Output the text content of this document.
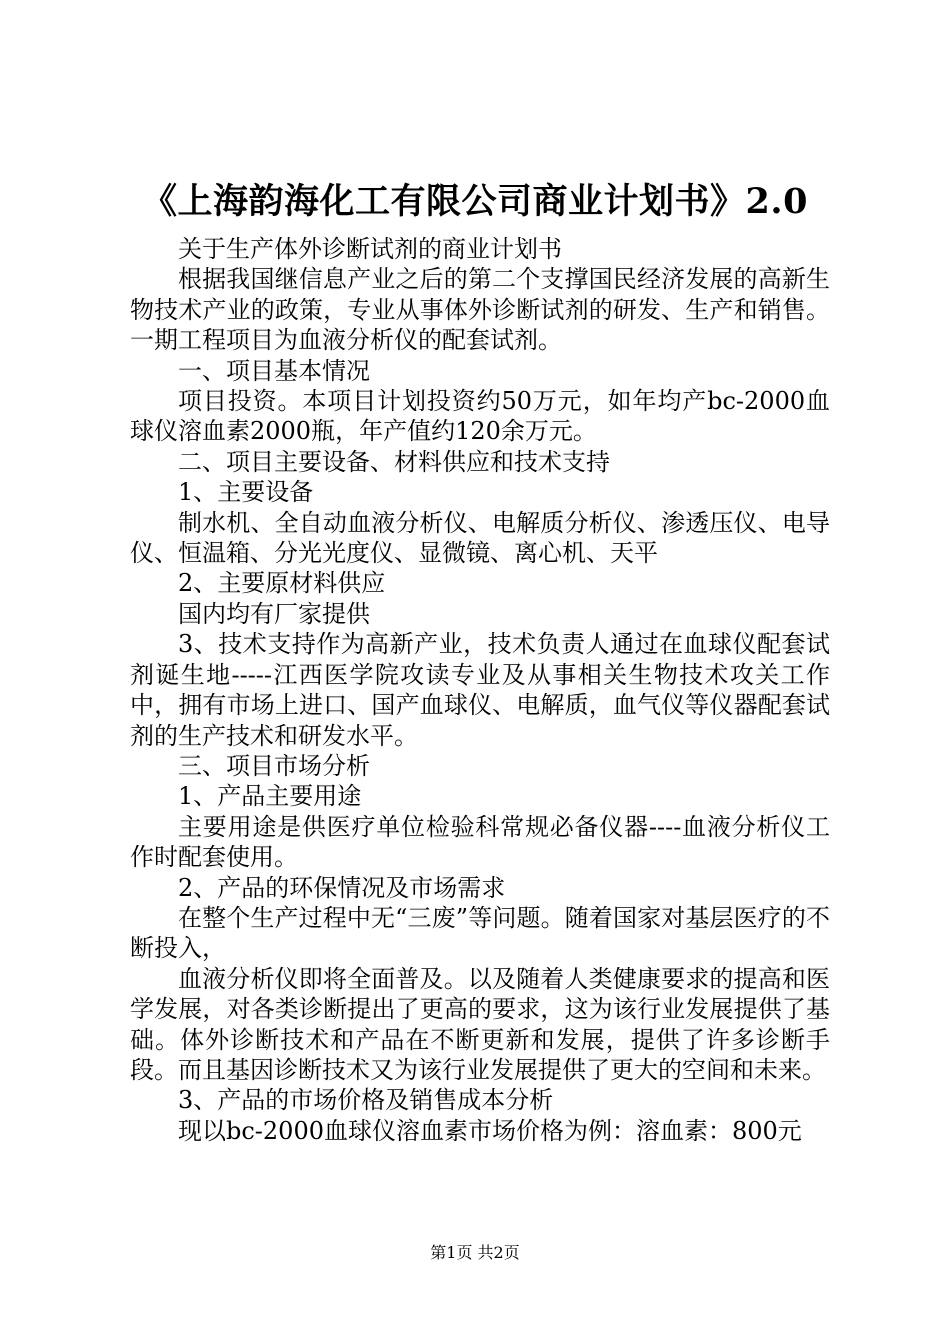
《上海韵海化工有限公司商业计划书》2.0

关于生产体外诊断试剂的商业计划书

根据我国继信息产业之后的第二个支撑国民经济发展的高新生物技术产业的政策，专业从事体外诊断试剂的研发、生产和销售。一期工程项目为血液分析仪的配套试剂。

一、项目基本情况

项目投资。本项目计划投资约50万元，如年均产bc-2000血球仪溶血素2000瓶，年产值约120余万元。

二、项目主要设备、材料供应和技术支持

1、主要设备

制水机、全自动血液分析仪、电解质分析仪、渗透压仪、电导仪、恒温箱、分光光度仪、显微镜、离心机、天平

2、主要原材料供应

国内均有厂家提供

3、技术支持作为高新产业，技术负责人通过在血球仪配套试剂诞生地-----江西医学院攻读专业及从事相关生物技术攻关工作中，拥有市场上进口、国产血球仪、电解质，血气仪等仪器配套试剂的生产技术和研发水平。

三、项目市场分析

1、产品主要用途

主要用途是供医疗单位检验科常规必备仪器----血液分析仪工作时配套使用。

2、产品的环保情况及市场需求

在整个生产过程中无“三废”等问题。随着国家对基层医疗的不断投入，

血液分析仪即将全面普及。以及随着人类健康要求的提高和医学发展，对各类诊断提出了更高的要求，这为该行业发展提供了基础。体外诊断技术和产品在不断更新和发展，提供了许多诊断手段。而且基因诊断技术又为该行业发展提供了更大的空间和未来。

3、产品的市场价格及销售成本分析

现以bc-2000血球仪溶血素市场价格为例：溶血素：800元

第1页 共2页
